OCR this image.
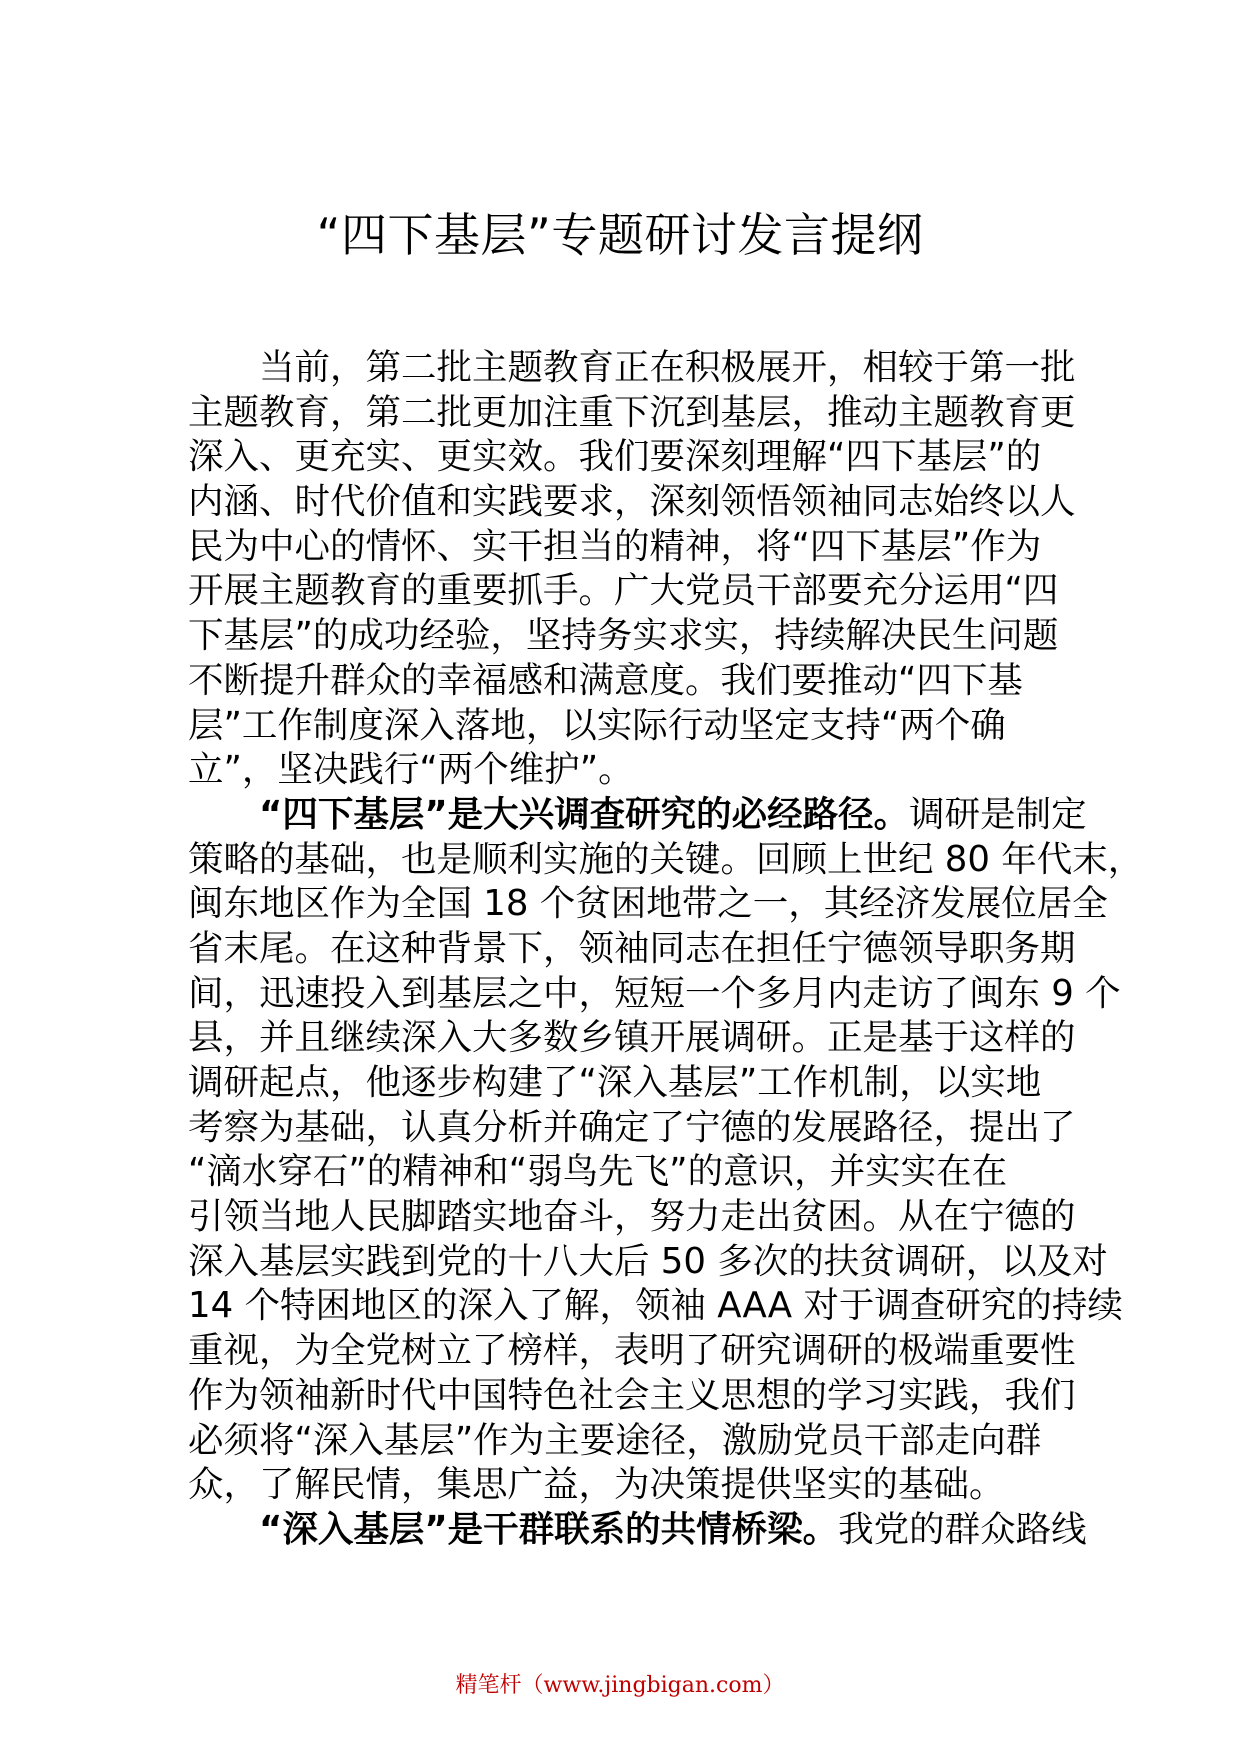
“四下基层”专题研讨发言提纲
　　当前，第二批主题教育正在积极展开，相较于第一批
主题教育，第二批更加注重下沉到基层，推动主题教育更
深入、更充实、更实效。我们要深刻理解“四下基层”的
内涵、时代价值和实践要求，深刻领悟领袖同志始终以人
民为中心的情怀、实干担当的精神，将“四下基层”作为
开展主题教育的重要抓手。广大党员干部要充分运用“四
下基层”的成功经验，坚持务实求实，持续解决民生问题
不断提升群众的幸福感和满意度。我们要推动“四下基
层”工作制度深入落地，以实际行动坚定支持“两个确
立”，坚决践行“两个维护”。
　　“四下基层”是大兴调查研究的必经路径。调研是制定
策略的基础，也是顺利实施的关键。回顾上世纪 80 年代末，
闽东地区作为全国 18 个贫困地带之一，其经济发展位居全
省末尾。在这种背景下，领袖同志在担任宁德领导职务期
间，迅速投入到基层之中，短短一个多月内走访了闽东 9 个
县，并且继续深入大多数乡镇开展调研。正是基于这样的
调研起点，他逐步构建了“深入基层”工作机制，以实地
考察为基础，认真分析并确定了宁德的发展路径，提出了
“滴水穿石”的精神和“弱鸟先飞”的意识，并实实在在
引领当地人民脚踏实地奋斗，努力走出贫困。从在宁德的
深入基层实践到党的十八大后 50 多次的扶贫调研，以及对
14 个特困地区的深入了解，领袖 AAA 对于调查研究的持续
重视，为全党树立了榜样，表明了研究调研的极端重要性
作为领袖新时代中国特色社会主义思想的学习实践，我们
必须将“深入基层”作为主要途径，激励党员干部走向群
众，了解民情，集思广益，为决策提供坚实的基础。
　　“深入基层”是干群联系的共情桥梁。我党的群众路线
精笔杆（www.jingbigan.com）
